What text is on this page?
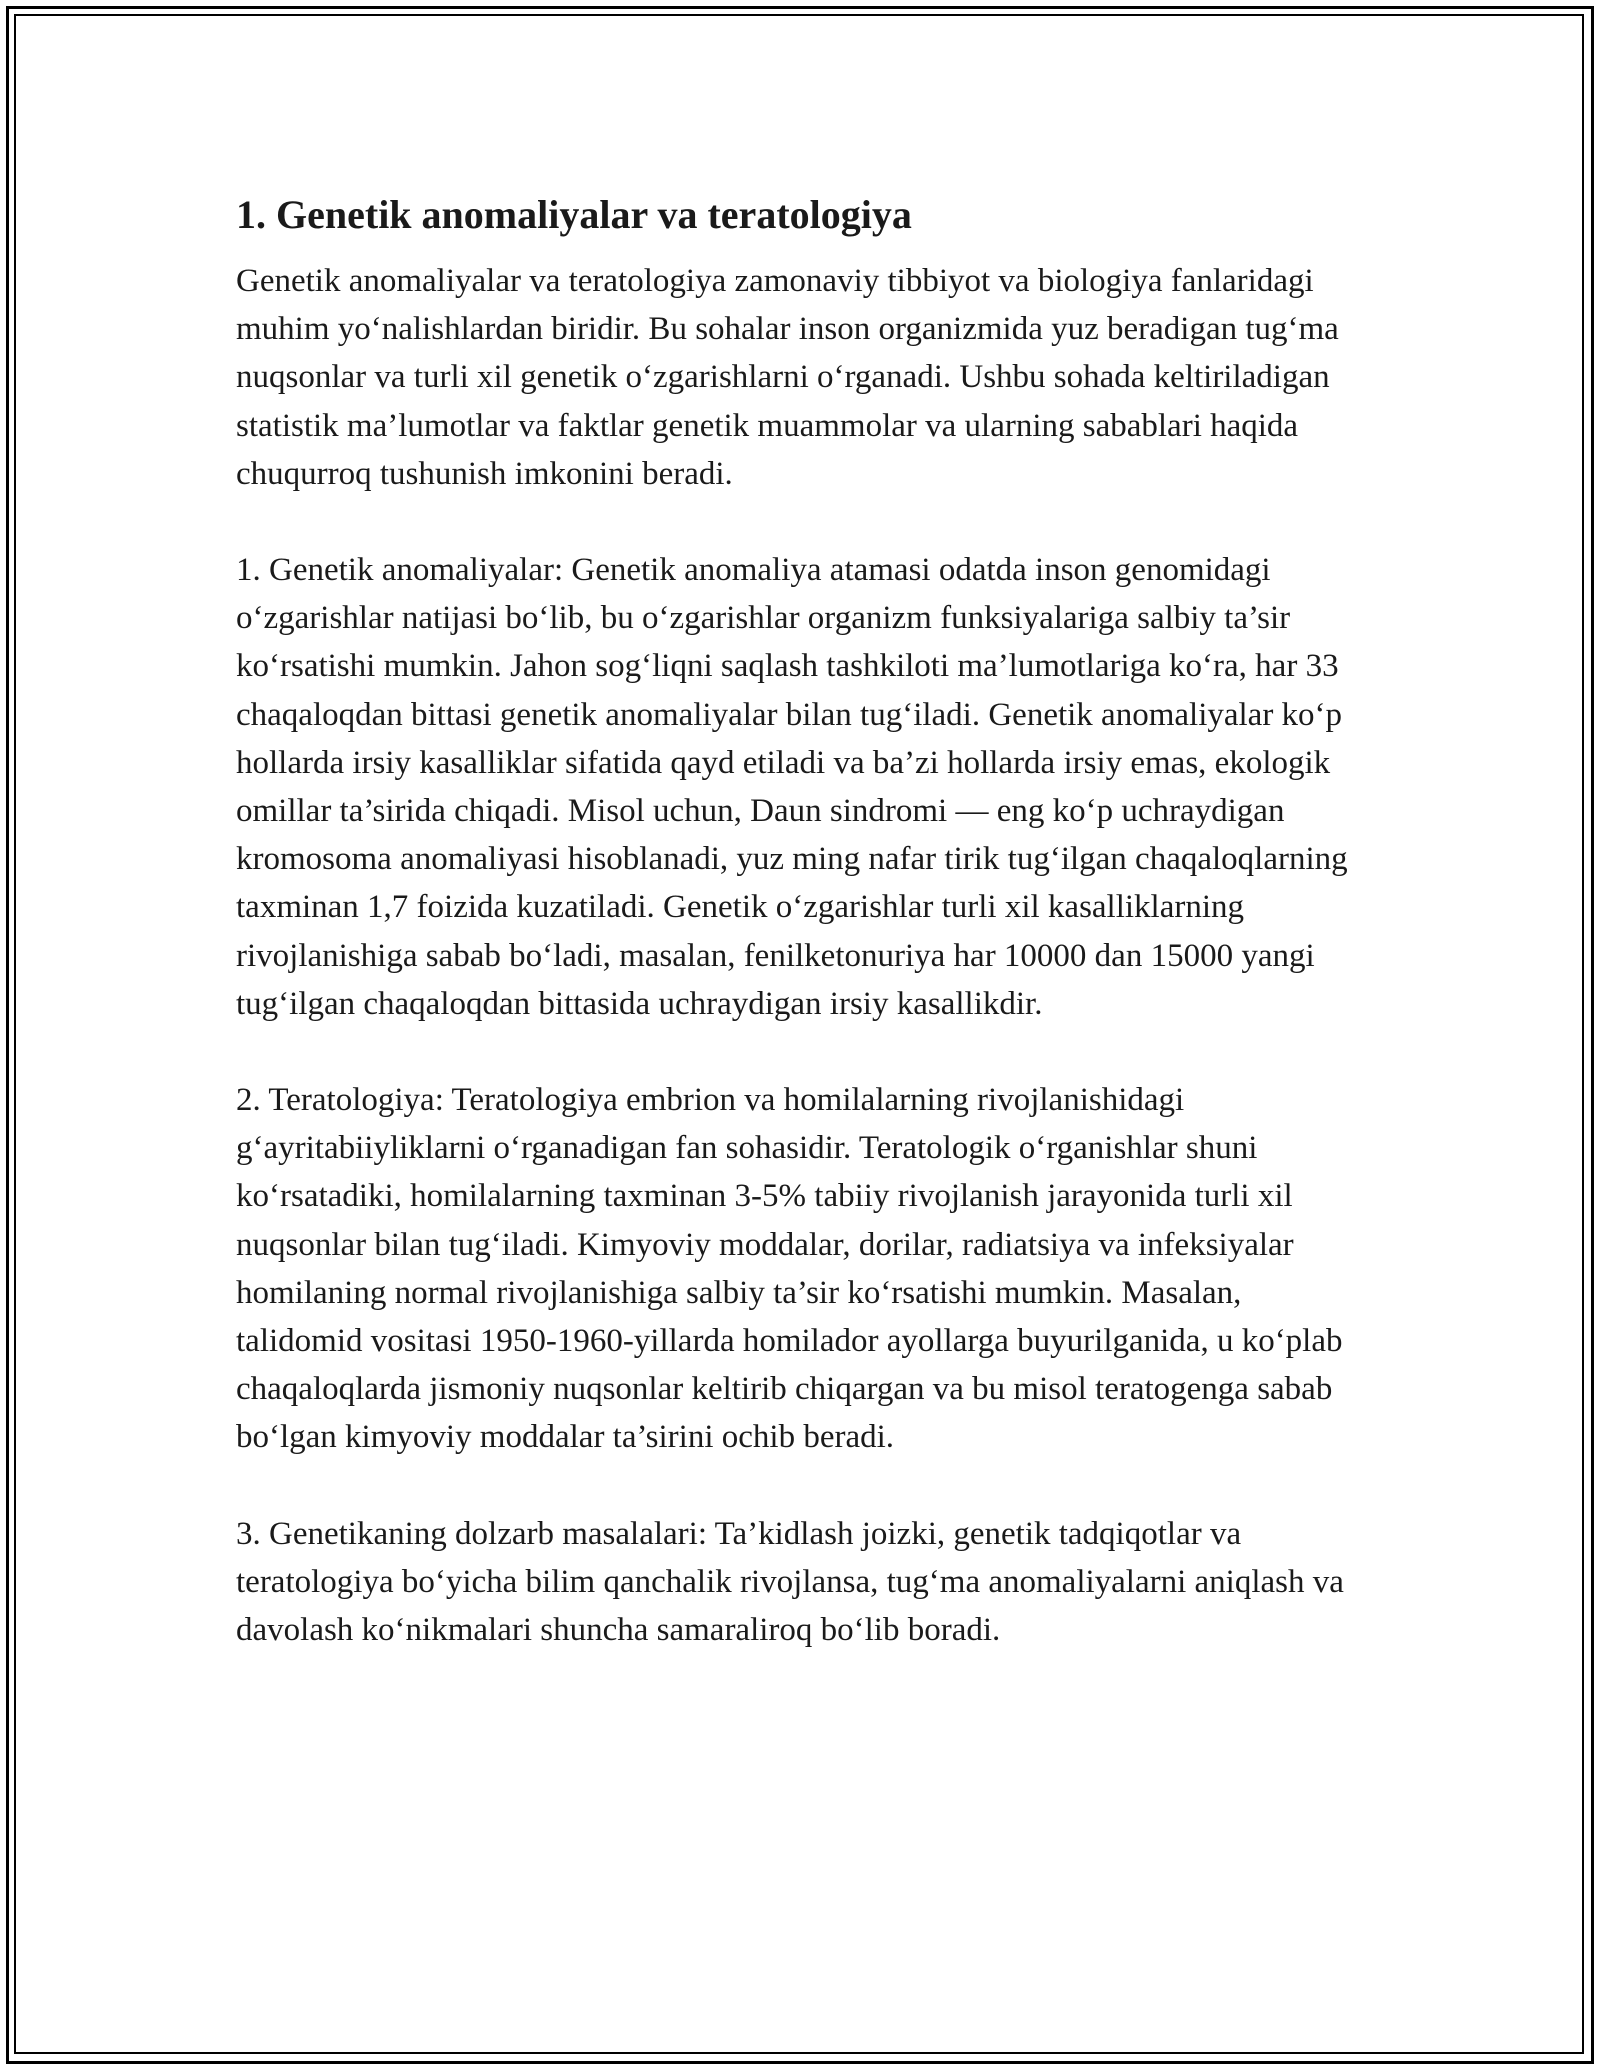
1. Genetik anomaliyalar va teratologiya

Genetik anomaliyalar va teratologiya zamonaviy tibbiyot va biologiya fanlaridagi muhim yo‘nalishlardan biridir. Bu sohalar inson organizmida yuz beradigan tug‘ma nuqsonlar va turli xil genetik o‘zgarishlarni o‘rganadi. Ushbu sohada keltiriladigan statistik ma’lumotlar va faktlar genetik muammolar va ularning sabablari haqida chuqurroq tushunish imkonini beradi.

1. Genetik anomaliyalar: Genetik anomaliya atamasi odatda inson genomidagi o‘zgarishlar natijasi bo‘lib, bu o‘zgarishlar organizm funksiyalariga salbiy ta’sir ko‘rsatishi mumkin. Jahon sog‘liqni saqlash tashkiloti ma’lumotlariga ko‘ra, har 33 chaqaloqdan bittasi genetik anomaliyalar bilan tug‘iladi. Genetik anomaliyalar ko‘p hollarda irsiy kasalliklar sifatida qayd etiladi va ba’zi hollarda irsiy emas, ekologik omillar ta’sirida chiqadi. Misol uchun, Daun sindromi — eng ko‘p uchraydigan kromosoma anomaliyasi hisoblanadi, yuz ming nafar tirik tug‘ilgan chaqaloqlarning taxminan 1,7 foizida kuzatiladi. Genetik o‘zgarishlar turli xil kasalliklarning rivojlanishiga sabab bo‘ladi, masalan, fenilketonuriya har 10000 dan 15000 yangi tug‘ilgan chaqaloqdan bittasida uchraydigan irsiy kasallikdir.

2. Teratologiya: Teratologiya embrion va homilalarning rivojlanishidagi g‘ayritabiiyliklarni o‘rganadigan fan sohasidir. Teratologik o‘rganishlar shuni ko‘rsatadiki, homilalarning taxminan 3-5% tabiiy rivojlanish jarayonida turli xil nuqsonlar bilan tug‘iladi. Kimyoviy moddalar, dorilar, radiatsiya va infeksiyalar homilaning normal rivojlanishiga salbiy ta’sir ko‘rsatishi mumkin. Masalan, talidomid vositasi 1950-1960-yillarda homilador ayollarga buyurilganida, u ko‘plab chaqaloqlarda jismoniy nuqsonlar keltirib chiqargan va bu misol teratogenga sabab bo‘lgan kimyoviy moddalar ta’sirini ochib beradi.

3. Genetikaning dolzarb masalalari: Ta’kidlash joizki, genetik tadqiqotlar va teratologiya bo‘yicha bilim qanchalik rivojlansa, tug‘ma anomaliyalarni aniqlash va davolash ko‘nikmalari shuncha samaraliroq bo‘lib boradi.
